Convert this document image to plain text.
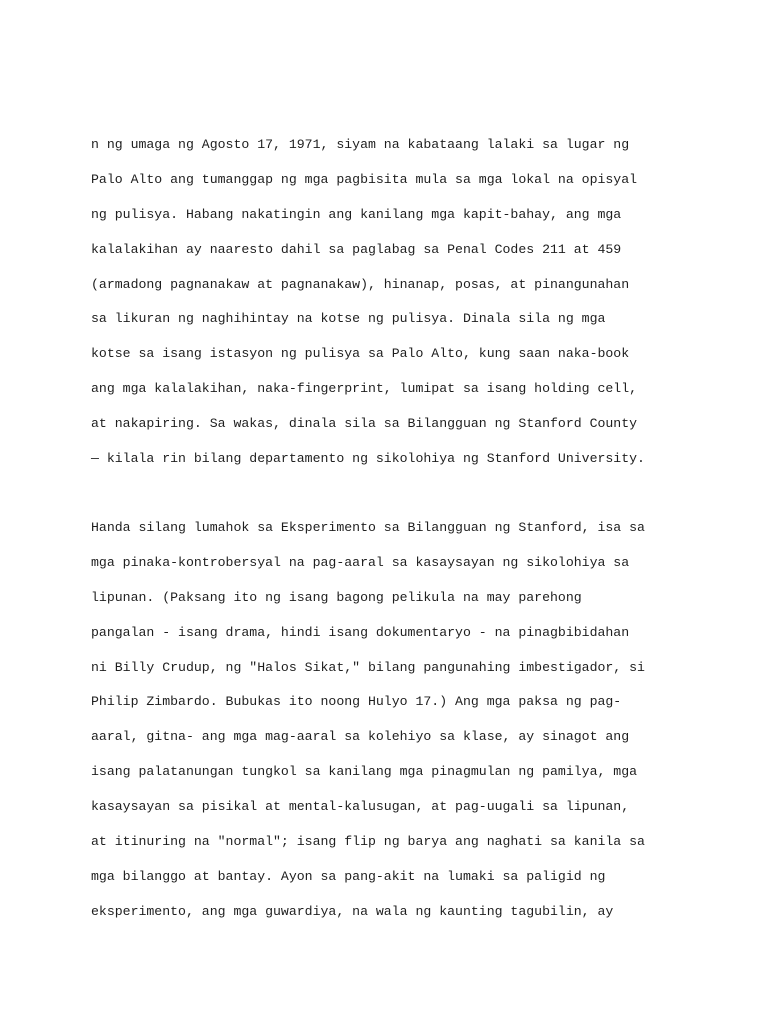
n ng umaga ng Agosto 17, 1971, siyam na kabataang lalaki sa lugar ng
Palo Alto ang tumanggap ng mga pagbisita mula sa mga lokal na opisyal
ng pulisya. Habang nakatingin ang kanilang mga kapit-bahay, ang mga
kalalakihan ay naaresto dahil sa paglabag sa Penal Codes 211 at 459
(armadong pagnanakaw at pagnanakaw), hinanap, posas, at pinangunahan
sa likuran ng naghihintay na kotse ng pulisya. Dinala sila ng mga
kotse sa isang istasyon ng pulisya sa Palo Alto, kung saan naka-book
ang mga kalalakihan, naka-fingerprint, lumipat sa isang holding cell,
at nakapiring. Sa wakas, dinala sila sa Bilangguan ng Stanford County
— kilala rin bilang departamento ng sikolohiya ng Stanford University.
Handa silang lumahok sa Eksperimento sa Bilangguan ng Stanford, isa sa
mga pinaka-kontrobersyal na pag-aaral sa kasaysayan ng sikolohiya sa
lipunan. (Paksang ito ng isang bagong pelikula na may parehong
pangalan - isang drama, hindi isang dokumentaryo - na pinagbibidahan
ni Billy Crudup, ng "Halos Sikat," bilang pangunahing imbestigador, si
Philip Zimbardo. Bubukas ito noong Hulyo 17.) Ang mga paksa ng pag-
aaral, gitna- ang mga mag-aaral sa kolehiyo sa klase, ay sinagot ang
isang palatanungan tungkol sa kanilang mga pinagmulan ng pamilya, mga
kasaysayan sa pisikal at mental-kalusugan, at pag-uugali sa lipunan,
at itinuring na "normal"; isang flip ng barya ang naghati sa kanila sa
mga bilanggo at bantay. Ayon sa pang-akit na lumaki sa paligid ng
eksperimento, ang mga guwardiya, na wala ng kaunting tagubilin, ay
